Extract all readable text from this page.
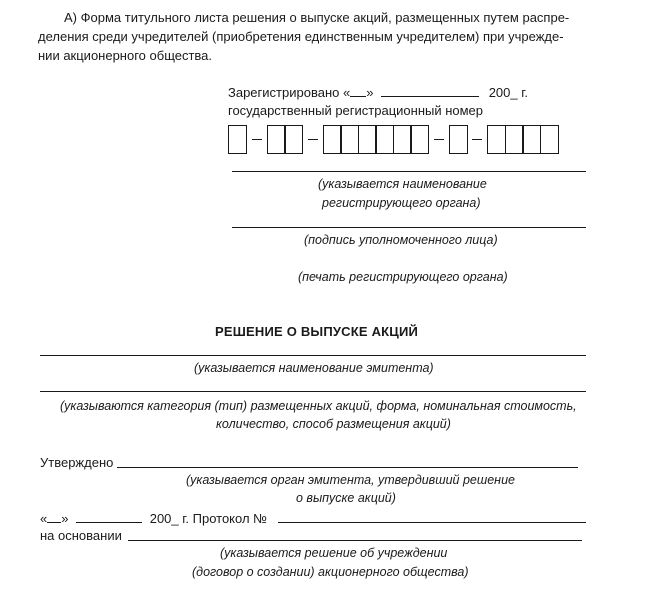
А) Форма титульного листа решения о выпуске акций, размещенных путем распре-
деления среди учредителей (приобретения единственным учредителем) при учрежде-
нии акционерного общества.
Зарегистрировано « »	200_ г.
государственный регистрационный номер
(указывается наименование
регистрирующего органа)
(подпись уполномоченного лица)
(печать регистрирующего органа)
РЕШЕНИЕ О ВЫПУСКЕ АКЦИЙ
(указывается наименование эмитента)
(указываются категория (тип) размещенных акций, форма, номинальная стоимость,
количество, способ размещения акций)
Утверждено
(указывается орган эмитента, утвердивший решение
о выпуске акций)
« »	200_ г. Протокол №
на основании
(указывается решение об учреждении
(договор о создании) акционерного общества)
